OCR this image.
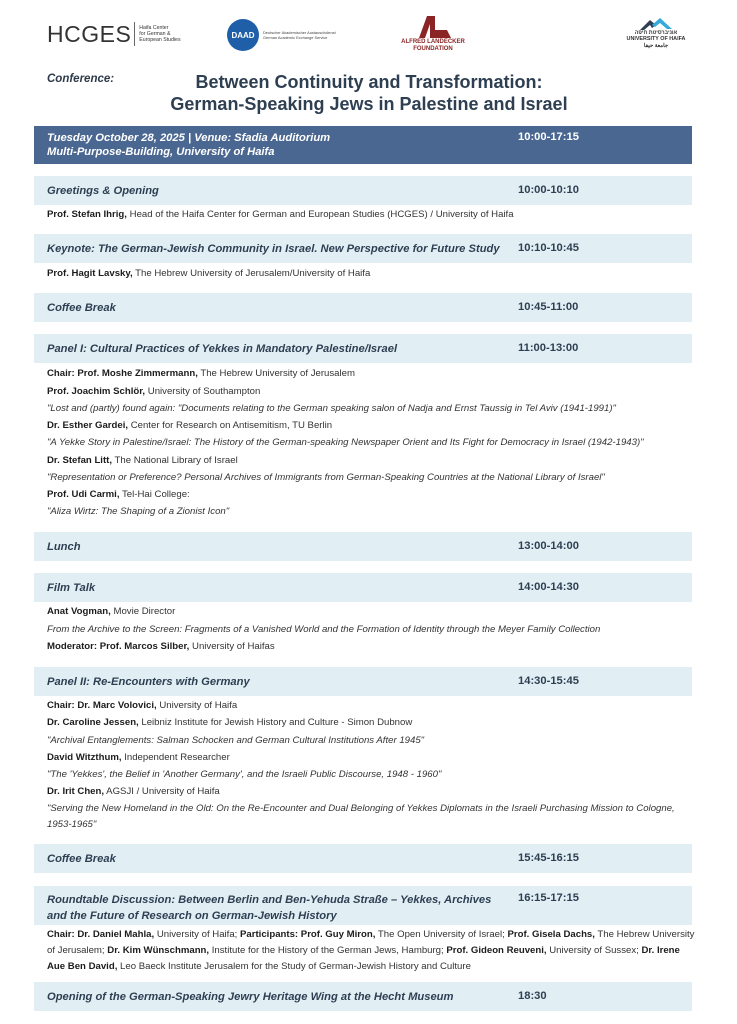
HCGES Haifa Center
for German &
European Studies
DAAD Deutscher Akademischer Austauschdienst
German Academic Exchange Service
ALFRED LANDECKER
FOUNDATION
אוניברסיטת חיפה
UNIVERSITY OF HAIFA
جامعة حيفا
Conference:	Between Continuity and Transformation:
German-Speaking Jews in Palestine and Israel
Tuesday October 28, 2025 | Venue: Sfadia Auditorium
Multi-Purpose-Building, University of Haifa
10:00-17:15
Greetings & Opening	10:00-10:10
Prof. Stefan Ihrig, Head of the Haifa Center for German and European Studies (HCGES) / University of Haifa
Keynote: The German-Jewish Community in Israel. New Perspective for Future Study 10:10-10:45
Prof. Hagit Lavsky, The Hebrew University of Jerusalem/University of Haifa
Coffee Break	10:45-11:00
Panel I: Cultural Practices of Yekkes in Mandatory Palestine/Israel	11:00-13:00
Chair: Prof. Moshe Zimmermann, The Hebrew University of Jerusalem
Prof. Joachim Schlör, University of Southampton
"Lost and (partly) found again: "Documents relating to the German speaking salon of Nadja and Ernst Taussig in Tel Aviv (1941-1991)"
Dr. Esther Gardei, Center for Research on Antisemitism, TU Berlin
"A Yekke Story in Palestine/Israel: The History of the German-speaking Newspaper Orient and Its Fight for Democracy in Israel (1942-1943)"
Dr. Stefan Litt, The National Library of Israel
"Representation or Preference? Personal Archives of Immigrants from German-Speaking Countries at the National Library of Israel"
Prof. Udi Carmi, Tel-Hai College:
"Aliza Wirtz: The Shaping of a Zionist Icon"
Lunch	13:00-14:00
Film Talk	14:00-14:30
Anat Vogman, Movie Director
From the Archive to the Screen: Fragments of a Vanished World and the Formation of Identity through the Meyer Family Collection
Moderator: Prof. Marcos Silber, University of Haifas
Panel II: Re-Encounters with Germany	14:30-15:45
Chair: Dr. Marc Volovici, University of Haifa
Dr. Caroline Jessen, Leibniz Institute for Jewish History and Culture - Simon Dubnow
"Archival Entanglements: Salman Schocken and German Cultural Institutions After 1945"
David Witzthum, Independent Researcher
"The 'Yekkes', the Belief in 'Another Germany', and the Israeli Public Discourse, 1948 - 1960"
Dr. Irit Chen, AGSJI / University of Haifa
"Serving the New Homeland in the Old: On the Re-Encounter and Dual Belonging of Yekkes Diplomats in the Israeli Purchasing Mission to Cologne, 1953-1965"
Coffee Break	15:45-16:15
Roundtable Discussion: Between Berlin and Ben-Yehuda Straße – Yekkes, Archives
and the Future of Research on German-Jewish History
16:15-17:15
Chair: Dr. Daniel Mahla, University of Haifa; Participants: Prof. Guy Miron, The Open University of Israel; Prof. Gisela Dachs, The Hebrew University of Jerusalem; Dr. Kim Wünschmann, Institute for the History of the German Jews, Hamburg; Prof. Gideon Reuveni, University of Sussex; Dr. Irene Aue Ben David, Leo Baeck Institute Jerusalem for the Study of German-Jewish History and Culture
Opening of the German-Speaking Jewry Heritage Wing at the Hecht Museum	18:30
